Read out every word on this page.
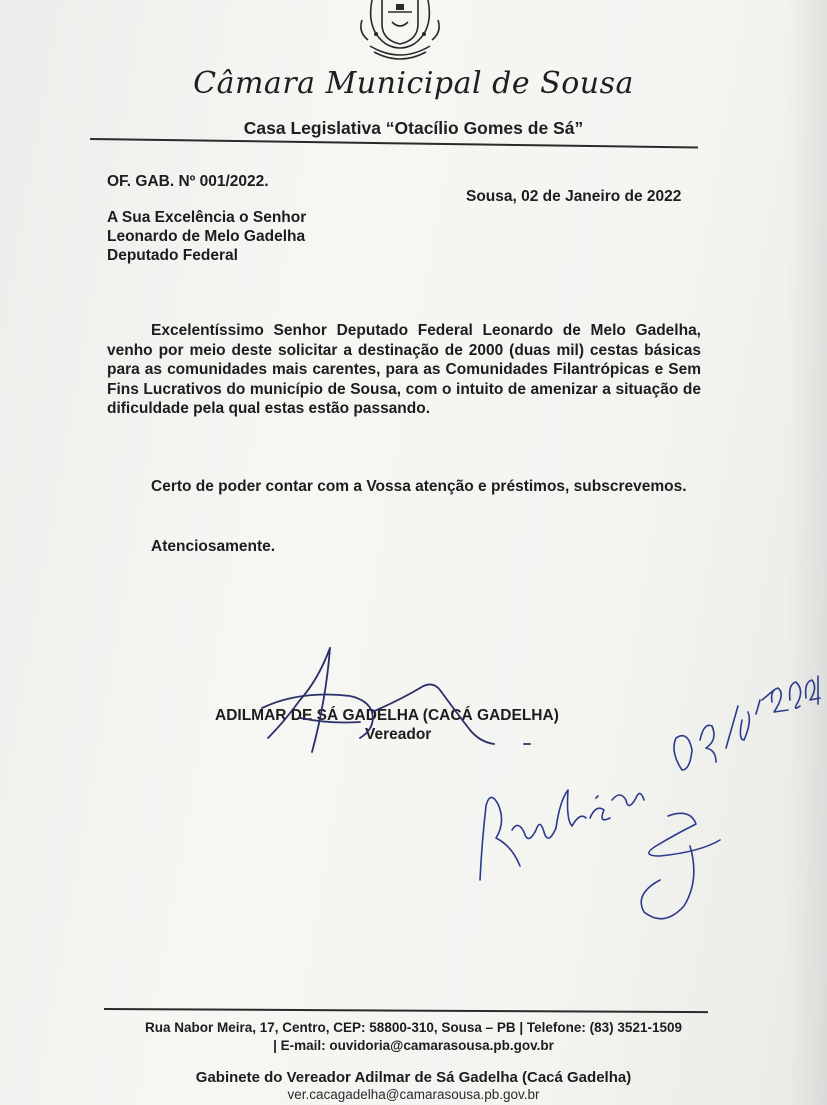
Câmara Municipal de Sousa
Casa Legislativa “Otacílio Gomes de Sá”
OF. GAB. Nº 001/2022.
Sousa, 02 de Janeiro de 2022
A Sua Excelência o Senhor
Leonardo de Melo Gadelha
Deputado Federal
Excelentíssimo Senhor Deputado Federal Leonardo de Melo Gadelha, venho por meio deste solicitar a destinação de 2000 (duas mil) cestas básicas para as comunidades mais carentes, para as Comunidades Filantrópicas e Sem Fins Lucrativos do município de Sousa, com o intuito de amenizar a situação de dificuldade pela qual estas estão passando.
Certo de poder contar com a Vossa atenção e préstimos, subscrevemos.
Atenciosamente.
ADILMAR DE SÁ GADELHA (CACÁ GADELHA)
Vereador
Rua Nabor Meira, 17, Centro, CEP: 58800-310, Sousa – PB | Telefone: (83) 3521-1509
| E-mail: ouvidoria@camarasousa.pb.gov.br
Gabinete do Vereador Adilmar de Sá Gadelha (Cacá Gadelha)
ver.cacagadelha@camarasousa.pb.gov.br
